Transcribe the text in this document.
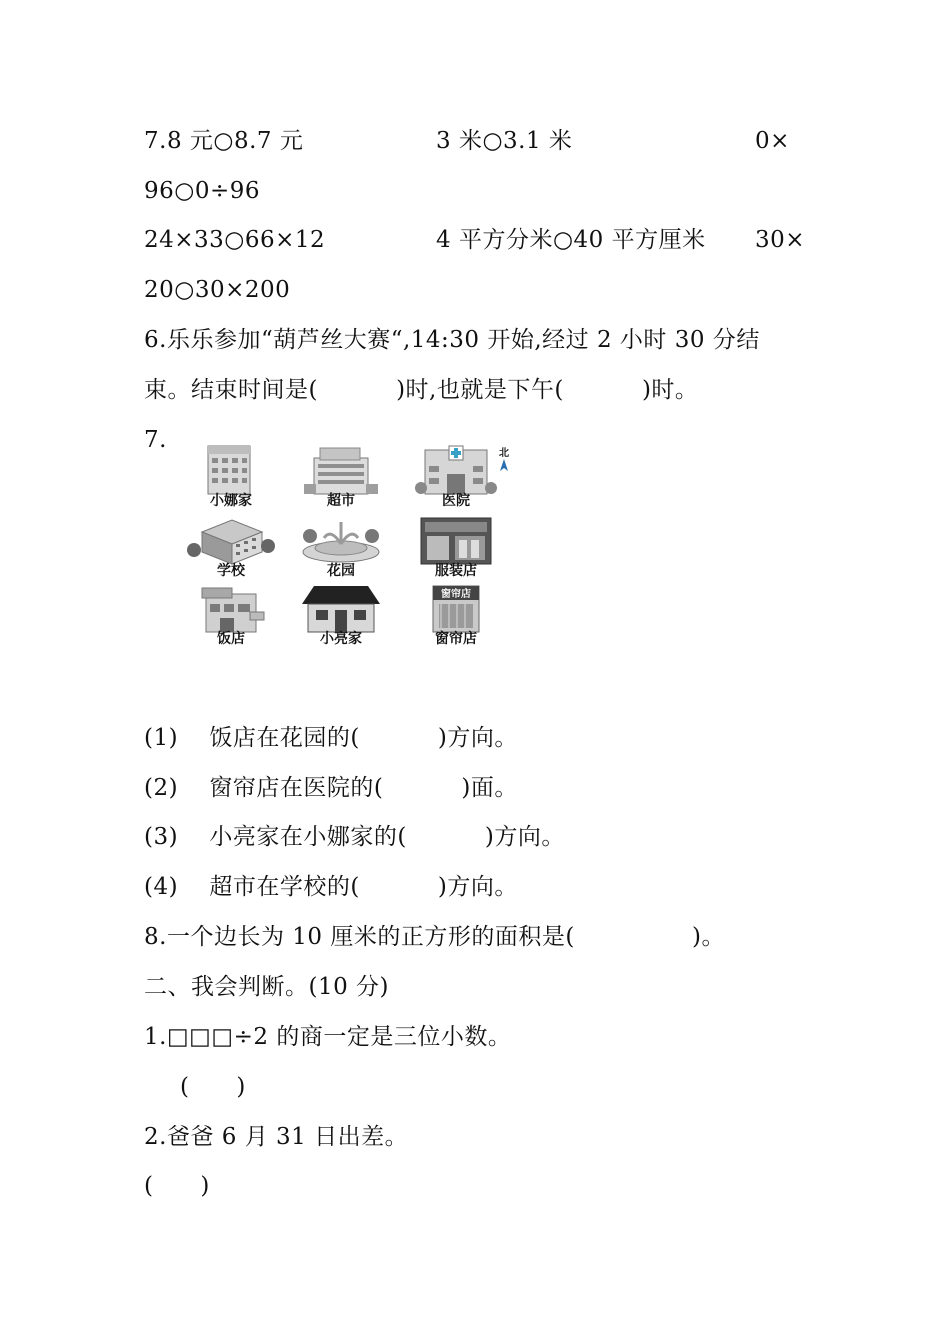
7.8 元○8.7 元	3 米○3.1 米	0×
96○0÷96
24×33○66×12	4 平方分米○40 平方厘米 30×
20○30×200
6.乐乐参加“葫芦丝大赛“,14:30 开始,经过 2 小时 30 分结
束。结束时间是(          )时,也就是下午(          )时。
7.
北
小娜家	超市	医院
学校	花园	服装店
饭店	小亮家
窗帘店
窗帘店
(1)    饭店在花园的(          )方向。
(2)    窗帘店在医院的(          )面。
(3)    小亮家在小娜家的(          )方向。
(4)    超市在学校的(          )方向。
8.一个边长为 10 厘米的正方形的面积是(               )。
二、我会判断。(10 分)
1.□□□÷2 的商一定是三位小数。
(      )
2.爸爸 6 月 31 日出差。
(      )
